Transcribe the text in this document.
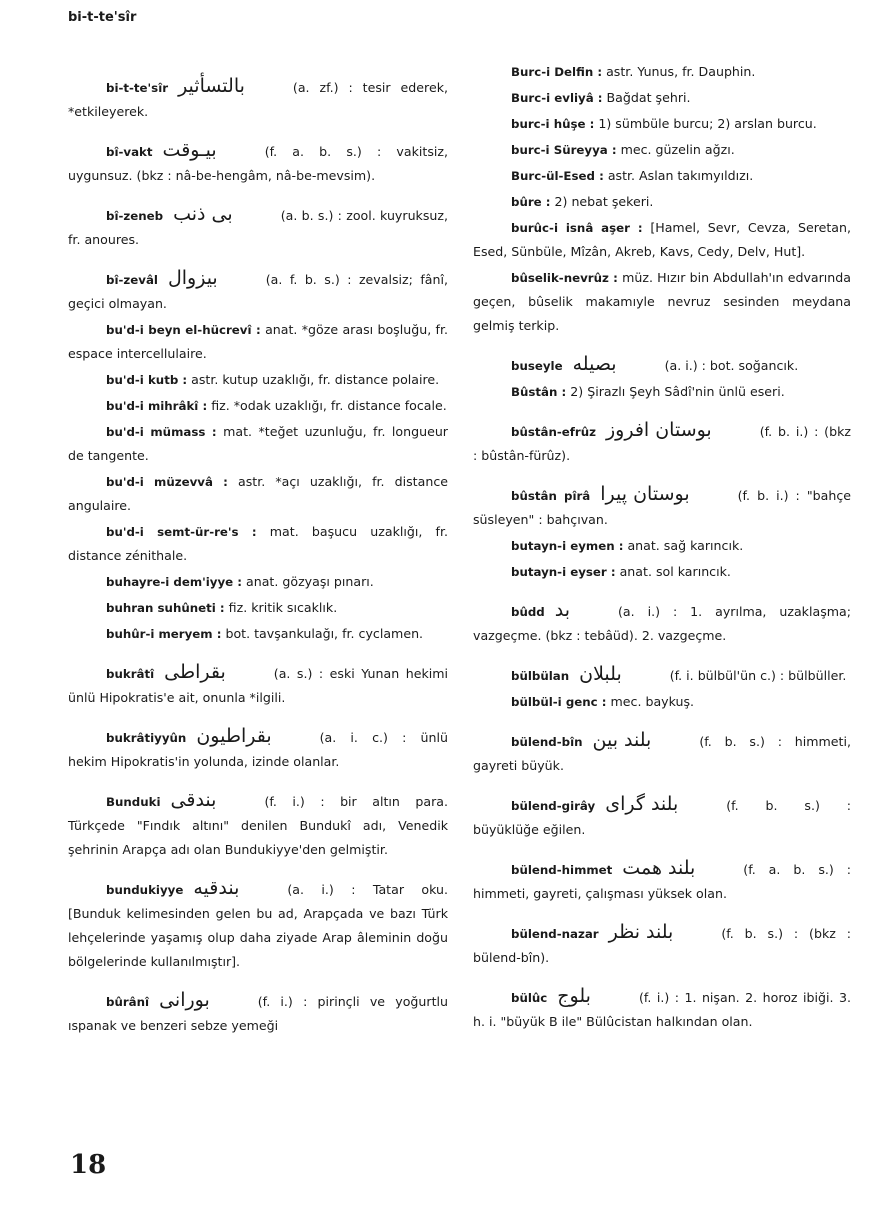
bi-t-te'sîr

bi-t-te'sîr بالتسأثير	(a. zf.) : tesir ederek, *etkileyerek.

bî-vakt بيـوقت	(f. a. b. s.) : vakitsiz, uygunsuz. (bkz : nâ-be-hengâm, nâ-be-mevsim).

bî-zeneb بى ذنب	(a. b. s.) : zool. kuyruksuz, fr. anoures.

bî-zevâl بيزوال	(a. f. b. s.) : zevalsiz; fânî, geçici olmayan.

bu'd-i beyn el-hücrevî : anat. *göze arası boşluğu, fr. espace intercellulaire.

bu'd-i kutb : astr. kutup uzaklığı, fr. distance polaire.

bu'd-i mihrâkî : fiz. *odak uzaklığı, fr. distance focale.

bu'd-i mümass : mat. *teğet uzunluğu, fr. longueur de tangente.

bu'd-i müzevvâ : astr. *açı uzaklığı, fr. distance angulaire.

bu'd-i semt-ür-re's : mat. başucu uzaklığı, fr. distance zénithale.

buhayre-i dem'iyye : anat. gözyaşı pınarı.

buhran suhûneti : fiz. kritik sıcaklık.

buhûr-i meryem : bot. tavşankulağı, fr. cyclamen.

bukrâtî بقراطى	(a. s.) : eski Yunan hekimi ünlü Hipokratis'e ait, onunla *ilgili.

bukrâtiyyûn بقراطيون	(a. i. c.) : ünlü hekim Hipokratis'in yolunda, izinde olanlar.

Bunduki بندقى	(f. i.) : bir altın para. Türkçede "Fındık altını" denilen Bundukî adı, Venedik şehrinin Arapça adı olan Bundukiyye'den gelmiştir.

bundukiyye بندقيه	(a. i.) : Tatar oku. [Bunduk kelimesinden gelen bu ad, Arapçada ve bazı Türk lehçelerinde yaşamış olup daha ziyade Arap âleminin doğu bölgelerinde kullanılmıştır].

bûrânî بورانى	(f. i.) : pirinçli ve yoğurtlu ıspanak ve benzeri sebze yemeği

Burc-i Delfin : astr. Yunus, fr. Dauphin.

Burc-i evliyâ : Bağdat şehri.

burc-i hûşe : 1) sümbüle burcu; 2) arslan burcu.

burc-i Süreyya : mec. güzelin ağzı.

Burc-ül-Esed : astr. Aslan takımyıldızı.

bûre : 2) nebat şekeri.

burûc-i isnâ aşer : [Hamel, Sevr, Cevza, Seretan, Esed, Sünbüle, Mîzân, Akreb, Kavs, Cedy, Delv, Hut].

bûselik-nevrûz : müz. Hızır bin Abdullah'ın edvarında geçen, bûselik makamıyle nevruz sesinden meydana gelmiş terkip.

buseyle بصيله	(a. i.) : bot. soğancık.

Bûstân : 2) Şirazlı Şeyh Sâdî'nin ünlü eseri.

bûstân-efrûz بوستان افروز	(f. b. i.) : (bkz : bûstân-fürûz).

bûstân pîrâ بوستان پيرا	(f. b. i.) : "bahçe süsleyen" : bahçıvan.

butayn-i eymen : anat. sağ karıncık.

butayn-i eyser : anat. sol karıncık.

bûdd بد	(a. i.) : 1. ayrılma, uzaklaşma; vazgeçme. (bkz : tebâüd). 2. vazgeçme.

bülbülan بلبلان	(f. i. bülbül'ün c.) : bülbüller.

bülbül-i genc : mec. baykuş.

bülend-bîn بلند بين	(f. b. s.) : himmeti, gayreti büyük.

bülend-girây بلند گراى	(f. b. s.) : büyüklüğe eğilen.

bülend-himmet بلند همت	(f. a. b. s.) : himmeti, gayreti, çalışması yüksek olan.

bülend-nazar بلند نظر	(f. b. s.) : (bkz : bülend-bîn).

bülûc بلوج	(f. i.) : 1. nişan. 2. horoz ibiği. 3. h. i. "büyük B ile" Bülûcistan halkından olan.

18
